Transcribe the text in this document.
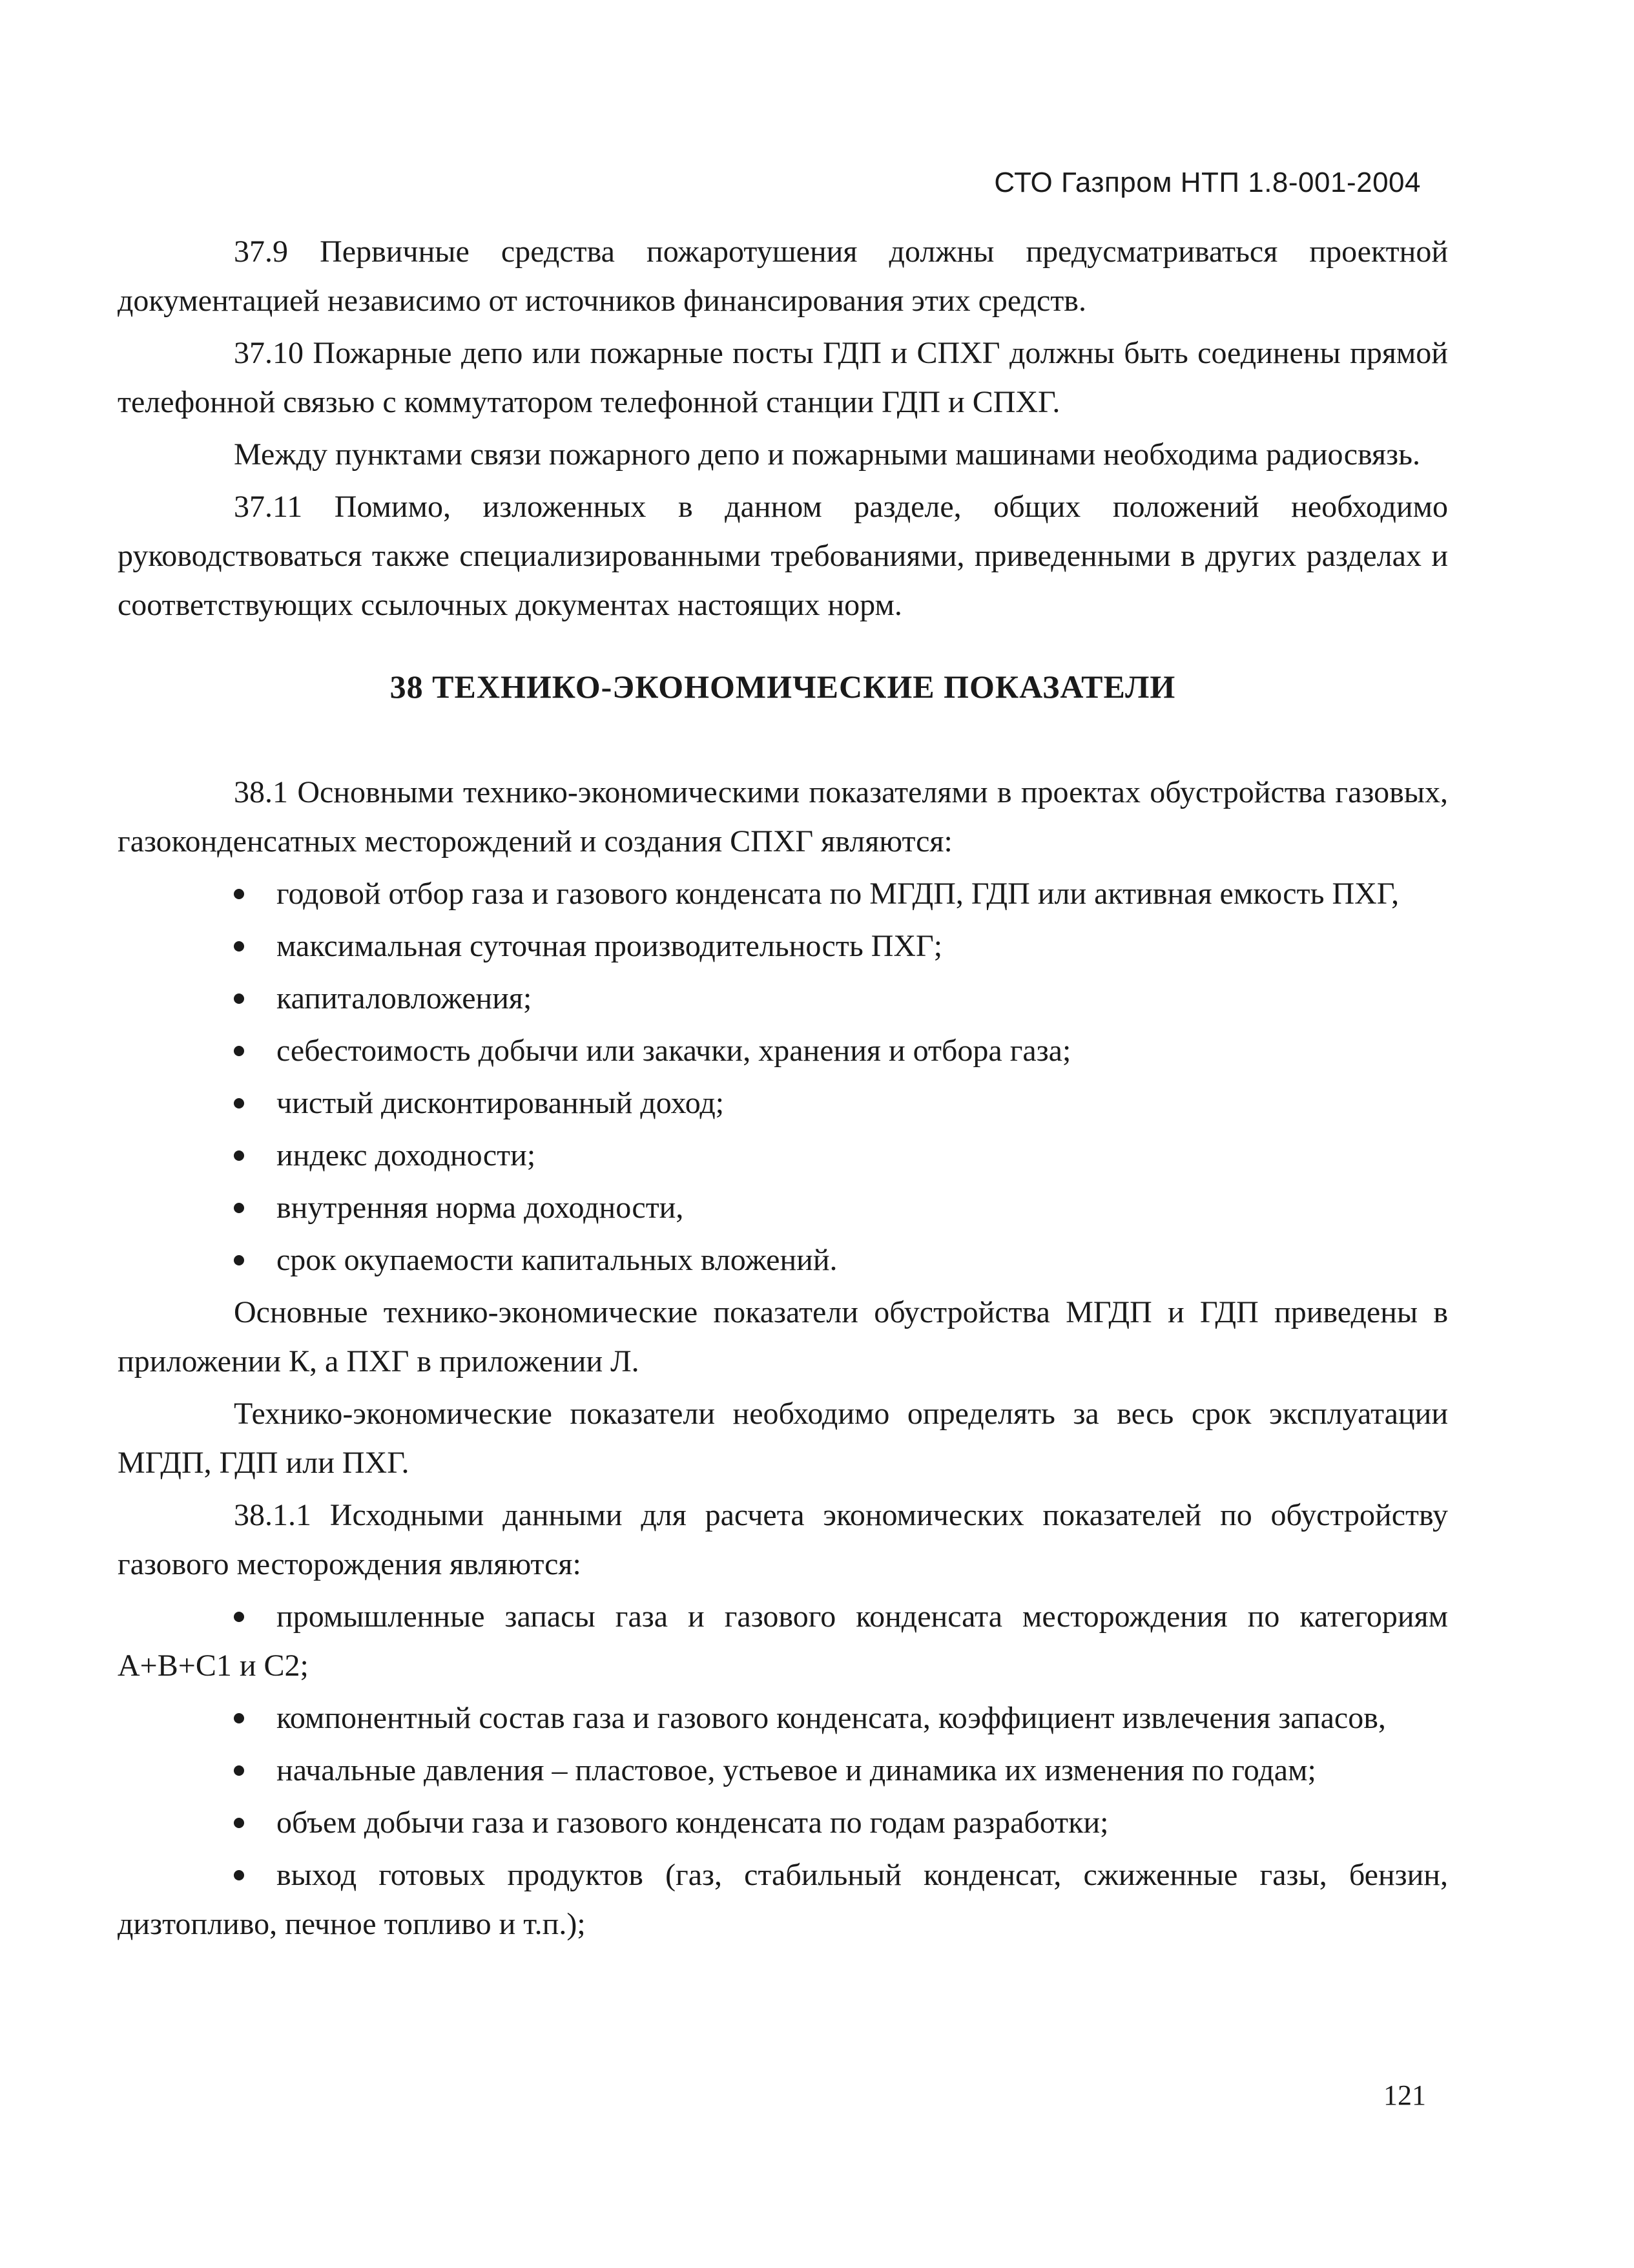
СТО Газпром НТП 1.8-001-2004

37.9 Первичные средства пожаротушения должны предусматриваться проектной документацией независимо от источников финансирования этих средств.

37.10 Пожарные депо или пожарные посты ГДП и СПХГ должны быть соединены прямой телефонной связью с коммутатором телефонной станции ГДП и СПХГ.

Между пунктами связи пожарного депо и пожарными машинами необходима радиосвязь.

37.11 Помимо, изложенных в данном разделе, общих положений необходимо руководствоваться также специализированными требованиями, приведенными в других разделах и соответствующих ссылочных документах настоящих норм.

38 ТЕХНИКО-ЭКОНОМИЧЕСКИЕ ПОКАЗАТЕЛИ

38.1 Основными технико-экономическими показателями в проектах обустройства газовых, газоконденсатных месторождений и создания СПХГ являются:

годовой отбор газа и газового конденсата по МГДП, ГДП или активная емкость ПХГ,

максимальная суточная производительность ПХГ;

капиталовложения;

себестоимость добычи или закачки, хранения и отбора газа;

чистый дисконтированный доход;

индекс доходности;

внутренняя норма доходности,

срок окупаемости капитальных вложений.

Основные технико-экономические показатели обустройства МГДП и ГДП приведены в приложении К, а ПХГ в приложении Л.

Технико-экономические показатели необходимо определять за весь срок эксплуатации МГДП, ГДП или ПХГ.

38.1.1 Исходными данными для расчета экономических показателей по обустройству газового месторождения являются:

промышленные запасы газа и газового конденсата месторождения по категориям А+В+С1 и С2;

компонентный состав газа и газового конденсата, коэффициент извлечения запасов,

начальные давления – пластовое, устьевое и динамика их изменения по годам;

объем добычи газа и газового конденсата по годам разработки;

выход готовых продуктов (газ, стабильный конденсат, сжиженные газы, бензин, дизтопливо, печное топливо и т.п.);

121
